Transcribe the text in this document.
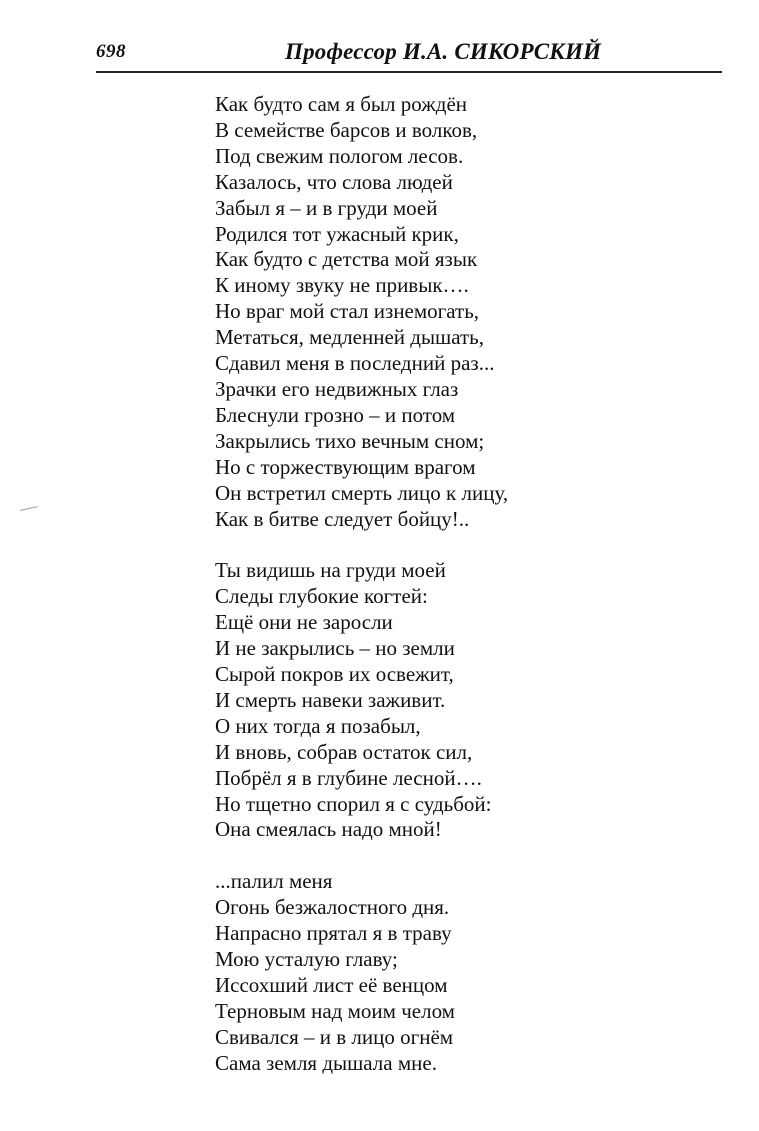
698	Профессор И.А. СИКОРСКИЙ
Как будто сам я был рождён
В семействе барсов и волков,
Под свежим пологом лесов.
Казалось, что слова людей
Забыл я – и в груди моей
Родился тот ужасный крик,
Как будто с детства мой язык
К иному звуку не привык….
Но враг мой стал изнемогать,
Метаться, медленней дышать,
Сдавил меня в последний раз...
Зрачки его недвижных глаз
Блеснули грозно – и потом
Закрылись тихо вечным сном;
Но с торжествующим врагом
Он встретил смерть лицо к лицу,
Как в битве следует бойцу!..
Ты видишь на груди моей
Следы глубокие когтей:
Ещё они не заросли
И не закрылись – но земли
Сырой покров их освежит,
И смерть навеки заживит.
О них тогда я позабыл,
И вновь, собрав остаток сил,
Побрёл я в глубине лесной….
Но тщетно спорил я с судьбой:
Она смеялась надо мной!
...палил меня
Огонь безжалостного дня.
Напрасно прятал я в траву
Мою усталую главу;
Иссохший лист её венцом
Терновым над моим челом
Свивался – и в лицо огнём
Сама земля дышала мне.
